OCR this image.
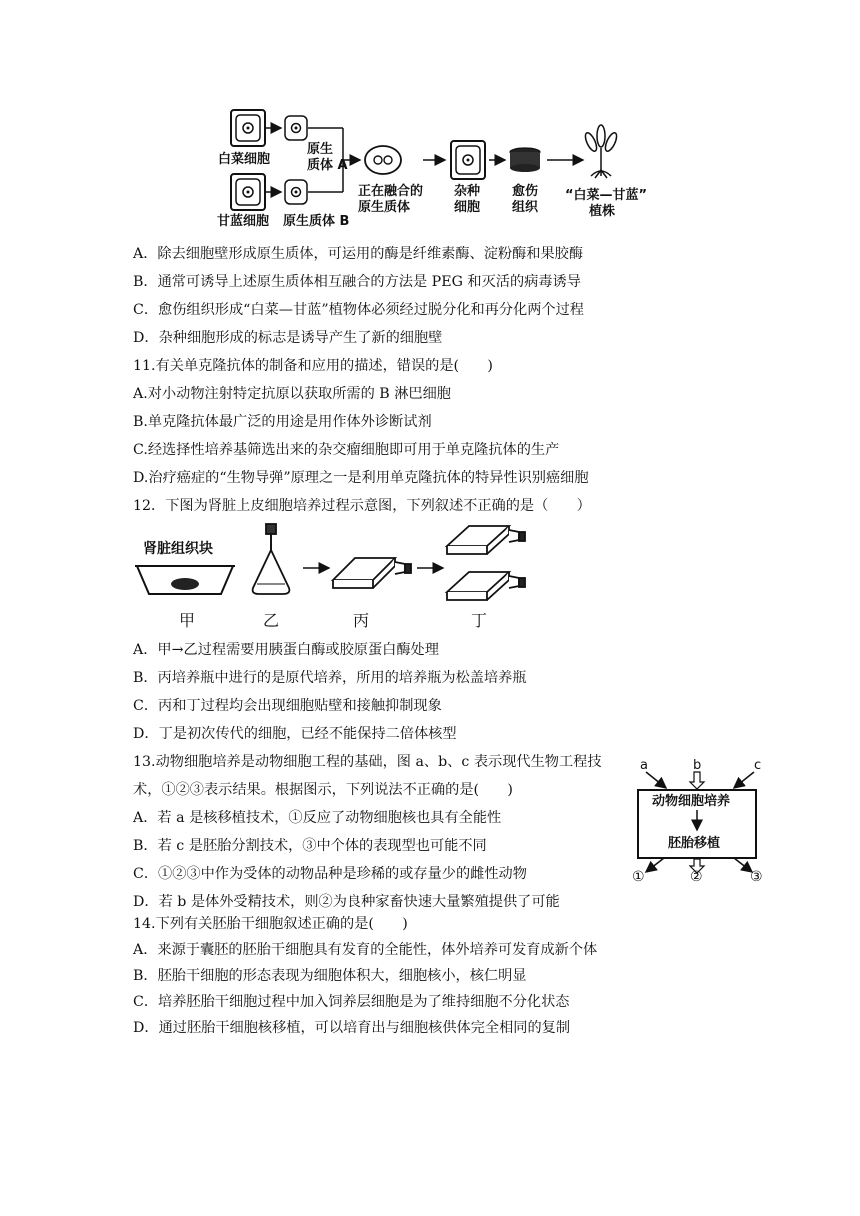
白菜细胞
甘蓝细胞
原生
质体 A
原生质体 B
正在融合的
原生质体
杂种
细胞
愈伤
组织
“白菜—甘蓝”
植株
A．除去细胞壁形成原生质体，可运用的酶是纤维素酶、淀粉酶和果胶酶
B．通常可诱导上述原生质体相互融合的方法是 PEG 和灭活的病毒诱导
C．愈伤组织形成“白菜—甘蓝”植物体必须经过脱分化和再分化两个过程
D．杂种细胞形成的标志是诱导产生了新的细胞壁
11.有关单克隆抗体的制备和应用的描述，错误的是(　　)
A.对小动物注射特定抗原以获取所需的 B 淋巴细胞
B.单克隆抗体最广泛的用途是用作体外诊断试剂
C.经选择性培养基筛选出来的杂交瘤细胞即可用于单克隆抗体的生产
D.治疗癌症的“生物导弹”原理之一是利用单克隆抗体的特异性识别癌细胞
12．下图为肾脏上皮细胞培养过程示意图，下列叙述不正确的是（　　）
肾脏组织块
甲	乙	丙	丁
A．甲→乙过程需要用胰蛋白酶或胶原蛋白酶处理
B．丙培养瓶中进行的是原代培养，所用的培养瓶为松盖培养瓶
C．丙和丁过程均会出现细胞贴壁和接触抑制现象
D．丁是初次传代的细胞，已经不能保持二倍体核型
13.动物细胞培养是动物细胞工程的基础，图 a、b、c 表示现代生物工程技
术，①②③表示结果。根据图示，下列说法不正确的是(　　)
A．若 a 是核移植技术，①反应了动物细胞核也具有全能性
B．若 c 是胚胎分割技术，③中个体的表现型也可能不同
C．①②③中作为受体的动物品种是珍稀的或存量少的雌性动物
D．若 b 是体外受精技术，则②为良种家畜快速大量繁殖提供了可能
a	b	c
动物细胞培养
胚胎移植
①	②	③
14.下列有关胚胎干细胞叙述正确的是(　　)
A．来源于囊胚的胚胎干细胞具有发育的全能性，体外培养可发育成新个体
B．胚胎干细胞的形态表现为细胞体积大，细胞核小，核仁明显
C．培养胚胎干细胞过程中加入饲养层细胞是为了维持细胞不分化状态
D．通过胚胎干细胞核移植，可以培育出与细胞核供体完全相同的复制
